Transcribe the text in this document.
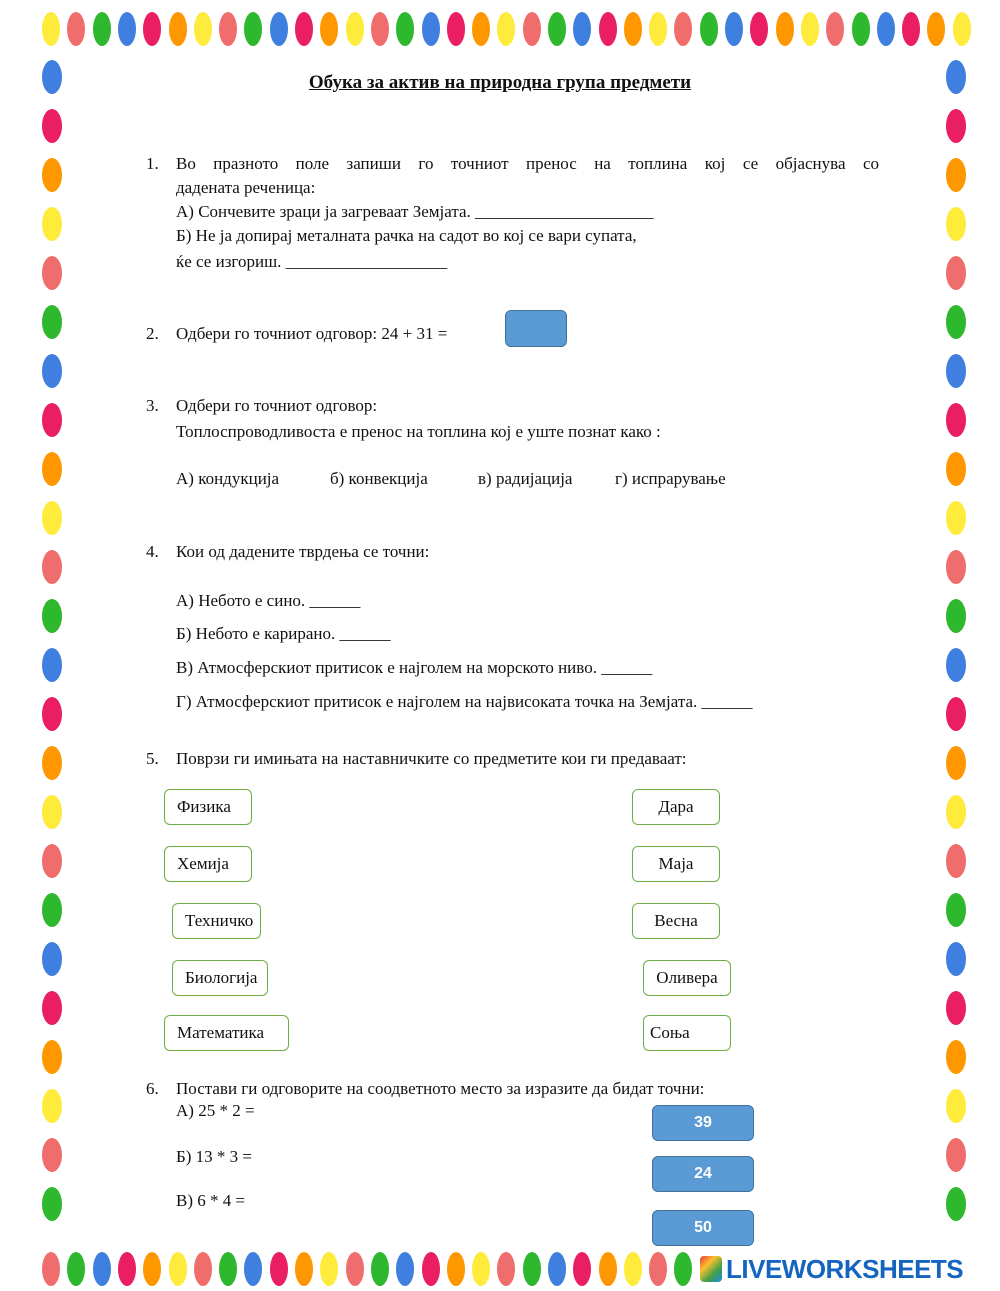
Обука за актив на природна група предмети
1. Во празното поле запиши го точниот пренос на топлина кој се објаснува со
дадената реченица:
А) Сончевите зраци ја загреваат Земјата. _____________________
Б) Не ја допирај металната рачка на садот во кој се вари супата,
ќе се изгориш. ___________________
2. Одбери го точниот одговор: 24 + 31 =
3. Одбери го точниот одговор:
Топлоспроводливоста е пренос на топлина кој е уште познат како :
А) кондукција	б) конвекција	в) радијација	г) испрарување
4. Кои од дадените тврдења се точни:
А) Небото е сино. ______
Б) Небото е карирано. ______
В) Атмосферскиот притисок е најголем на морското ниво. ______
Г) Атмосферскиот притисок е најголем на највисоката точка на Земјата. ______
5. Поврзи ги имињата на наставничките со предметите кои ги предаваат:
Физика
Хемија
Техничко
Биологија
Математика
Дара
Маја
Весна
Оливера
Соња
6. Постави ги одговорите на соодветното место за изразите да бидат точни:
А) 25 * 2 =
Б) 13 * 3 =
В) 6 * 4 =
39
24
50
LIVEWORKSHEETS
